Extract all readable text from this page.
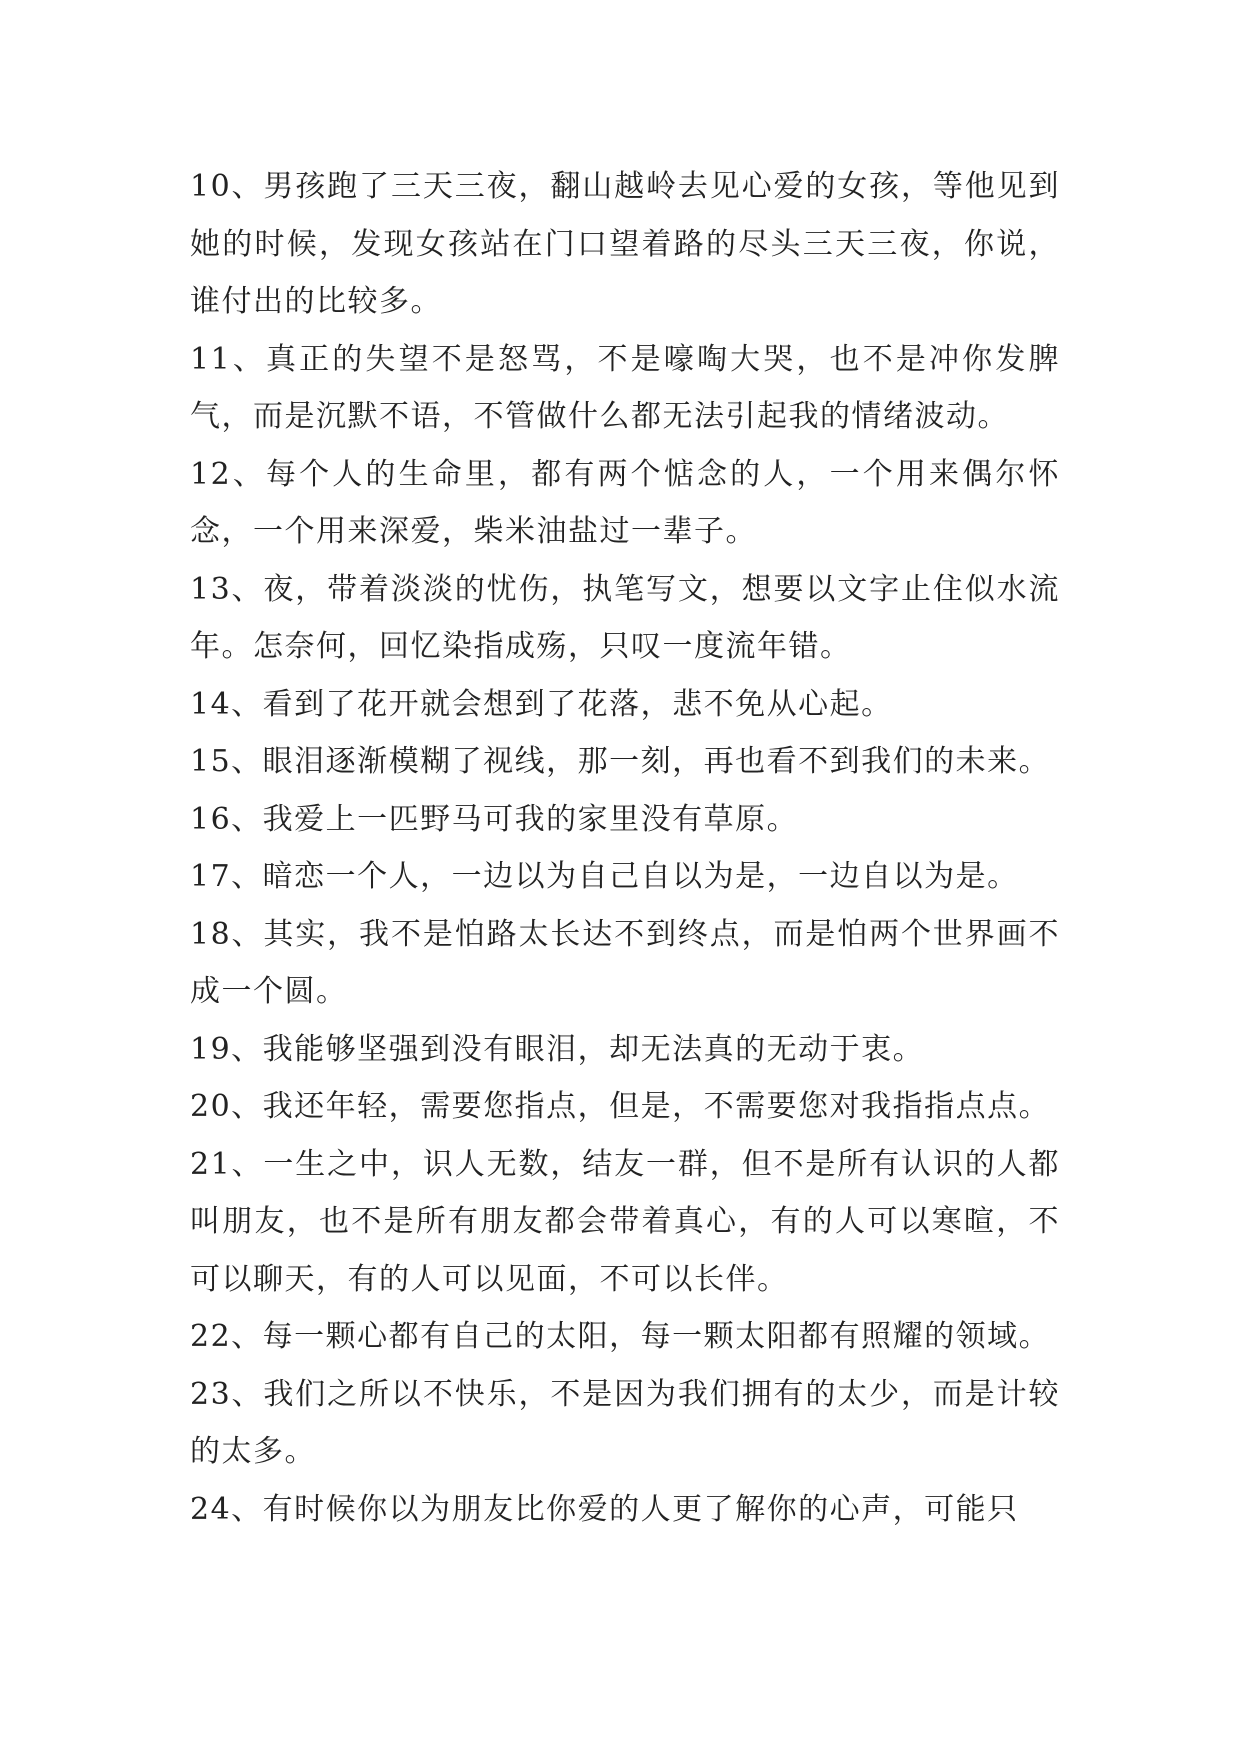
10、男孩跑了三天三夜，翻山越岭去见心爱的女孩，等他见到她的时候，发现女孩站在门口望着路的尽头三天三夜，你说，谁付出的比较多。

11、真正的失望不是怒骂，不是嚎啕大哭，也不是冲你发脾气，而是沉默不语，不管做什么都无法引起我的情绪波动。

12、每个人的生命里，都有两个惦念的人，一个用来偶尔怀念，一个用来深爱，柴米油盐过一辈子。

13、夜，带着淡淡的忧伤，执笔写文，想要以文字止住似水流年。怎奈何，回忆染指成殇，只叹一度流年错。

14、看到了花开就会想到了花落，悲不免从心起。

15、眼泪逐渐模糊了视线，那一刻，再也看不到我们的未来。

16、我爱上一匹野马可我的家里没有草原。

17、暗恋一个人，一边以为自己自以为是，一边自以为是。

18、其实，我不是怕路太长达不到终点，而是怕两个世界画不成一个圆。

19、我能够坚强到没有眼泪，却无法真的无动于衷。

20、我还年轻，需要您指点，但是，不需要您对我指指点点。

21、一生之中，识人无数，结友一群，但不是所有认识的人都叫朋友，也不是所有朋友都会带着真心，有的人可以寒暄，不可以聊天，有的人可以见面，不可以长伴。

22、每一颗心都有自己的太阳，每一颗太阳都有照耀的领域。

23、我们之所以不快乐，不是因为我们拥有的太少，而是计较的太多。

24、有时候你以为朋友比你爱的人更了解你的心声，可能只
